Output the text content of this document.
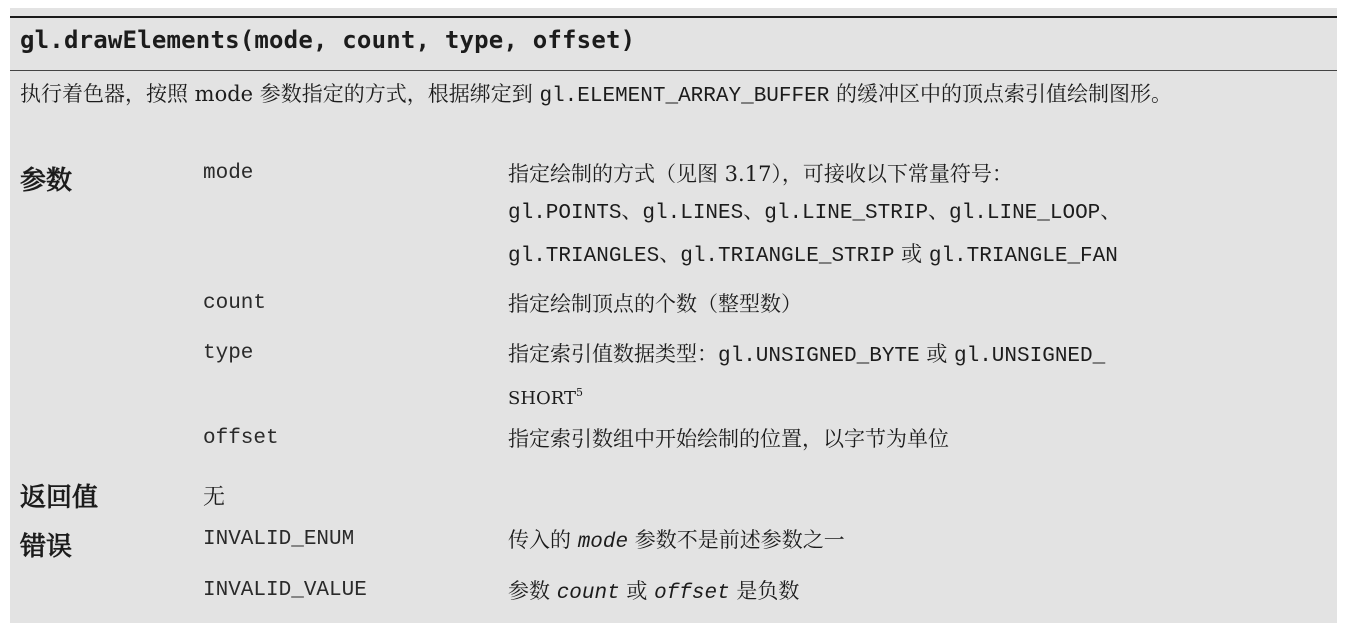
gl.drawElements(mode, count, type, offset)
执行着色器，按照 mode 参数指定的方式，根据绑定到 gl.ELEMENT_ARRAY_BUFFER 的缓冲区中的顶点索引值绘制图形。
参数	mode	指定绘制的方式（见图 3.17），可接收以下常量符号：
gl.POINTS、gl.LINES、gl.LINE_STRIP、gl.LINE_LOOP、
gl.TRIANGLES、gl.TRIANGLE_STRIP 或 gl.TRIANGLE_FAN
count	指定绘制顶点的个数（整型数）
type	指定索引值数据类型：gl.UNSIGNED_BYTE 或 gl.UNSIGNED_
SHORT$^5$
offset	指定索引数组中开始绘制的位置，以字节为单位
返回值	无
错误	INVALID_ENUM	传入的 mode 参数不是前述参数之一
INVALID_VALUE	参数 count 或 offset 是负数
